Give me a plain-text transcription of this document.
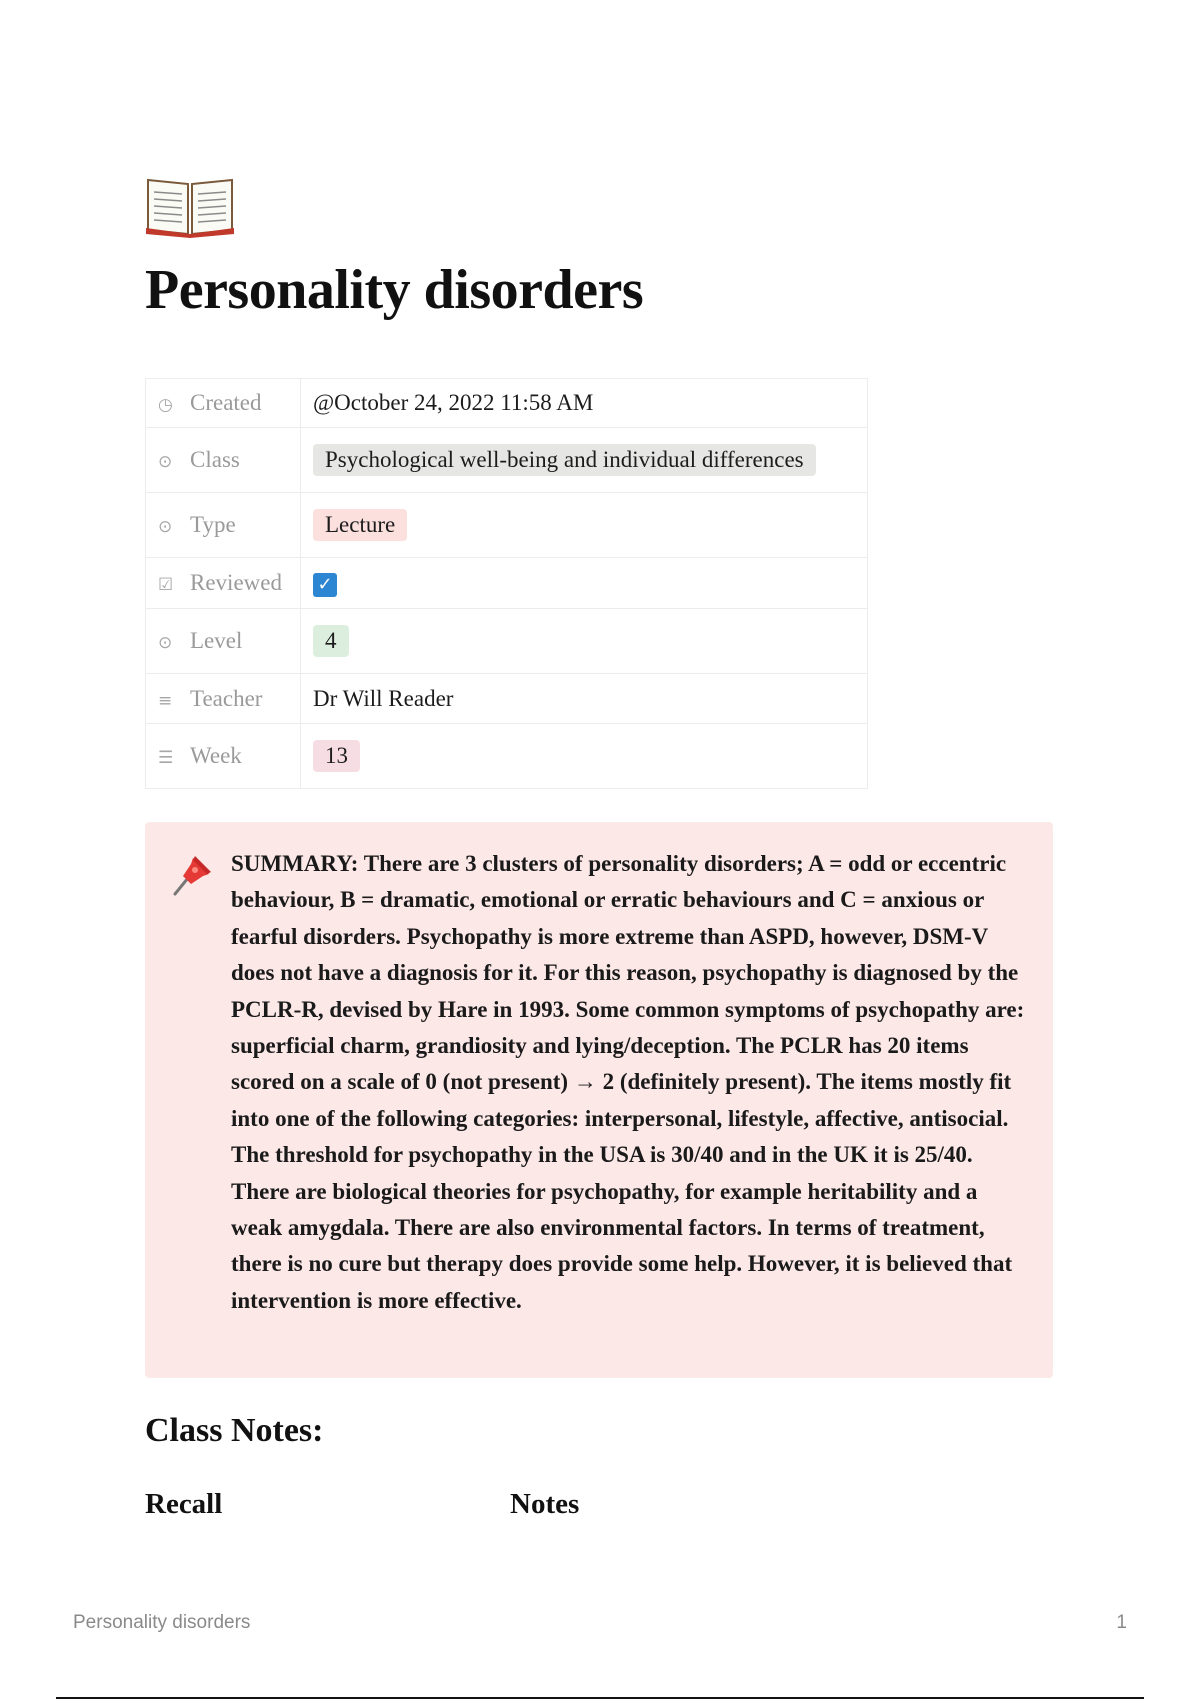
Personality disorders
◷ Created	@October 24, 2022 11:58 AM
⊙ Class	Psychological well-being and individual differences
⊙ Type	Lecture
☑ Reviewed	✓
⊙ Level	4
≡ Teacher	Dr Will Reader
☰ Week	13

SUMMARY: There are 3 clusters of personality disorders; A = odd or eccentric behaviour, B = dramatic, emotional or erratic behaviours and C = anxious or fearful disorders. Psychopathy is more extreme than ASPD, however, DSM-V does not have a diagnosis for it. For this reason, psychopathy is diagnosed by the PCLR-R, devised by Hare in 1993. Some common symptoms of psychopathy are: superficial charm, grandiosity and lying/deception. The PCLR has 20 items scored on a scale of 0 (not present) → 2 (definitely present). The items mostly fit into one of the following categories: interpersonal, lifestyle, affective, antisocial. The threshold for psychopathy in the USA is 30/40 and in the UK it is 25/40. There are biological theories for psychopathy, for example heritability and a weak amygdala. There are also environmental factors. In terms of treatment, there is no cure but therapy does provide some help. However, it is believed that intervention is more effective.

Class Notes:
Recall	Notes
Personality disorders	1
